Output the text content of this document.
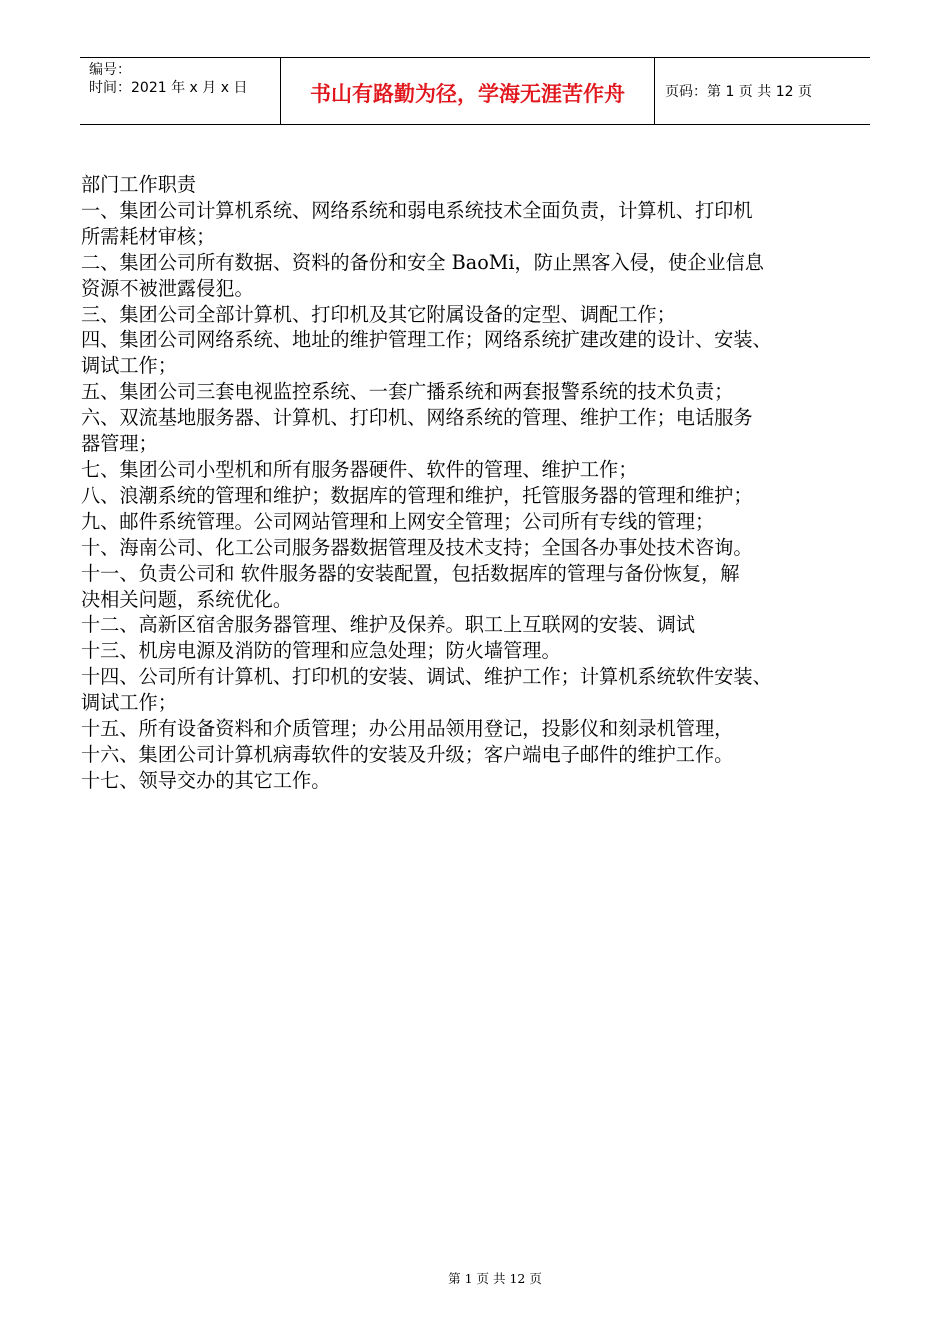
编号：
时间：2021 年 x 月 x 日	书山有路勤为径，学海无涯苦作舟	页码：第 1 页 共 12 页

部门工作职责

一、集团公司计算机系统、网络系统和弱电系统技术全面负责，计算机、打印机

所需耗材审核；

二、集团公司所有数据、资料的备份和安全 BaoMi，防止黑客入侵，使企业信息

资源不被泄露侵犯。

三、集团公司全部计算机、打印机及其它附属设备的定型、调配工作；

四、集团公司网络系统、地址的维护管理工作；网络系统扩建改建的设计、安装、

调试工作；

五、集团公司三套电视监控系统、一套广播系统和两套报警系统的技术负责；

六、双流基地服务器、计算机、打印机、网络系统的管理、维护工作；电话服务

器管理；

七、集团公司小型机和所有服务器硬件、软件的管理、维护工作；

八、浪潮系统的管理和维护；数据库的管理和维护，托管服务器的管理和维护；

九、邮件系统管理。公司网站管理和上网安全管理；公司所有专线的管理；

十、海南公司、化工公司服务器数据管理及技术支持；全国各办事处技术咨询。

十一、负责公司和 软件服务器的安装配置，包括数据库的管理与备份恢复，解

决相关问题，系统优化。

十二、高新区宿舍服务器管理、维护及保养。职工上互联网的安装、调试

十三、机房电源及消防的管理和应急处理；防火墙管理。

十四、公司所有计算机、打印机的安装、调试、维护工作；计算机系统软件安装、

调试工作；

十五、所有设备资料和介质管理；办公用品领用登记，投影仪和刻录机管理，

十六、集团公司计算机病毒软件的安装及升级；客户端电子邮件的维护工作。

十七、领导交办的其它工作。

第 1 页 共 12 页
